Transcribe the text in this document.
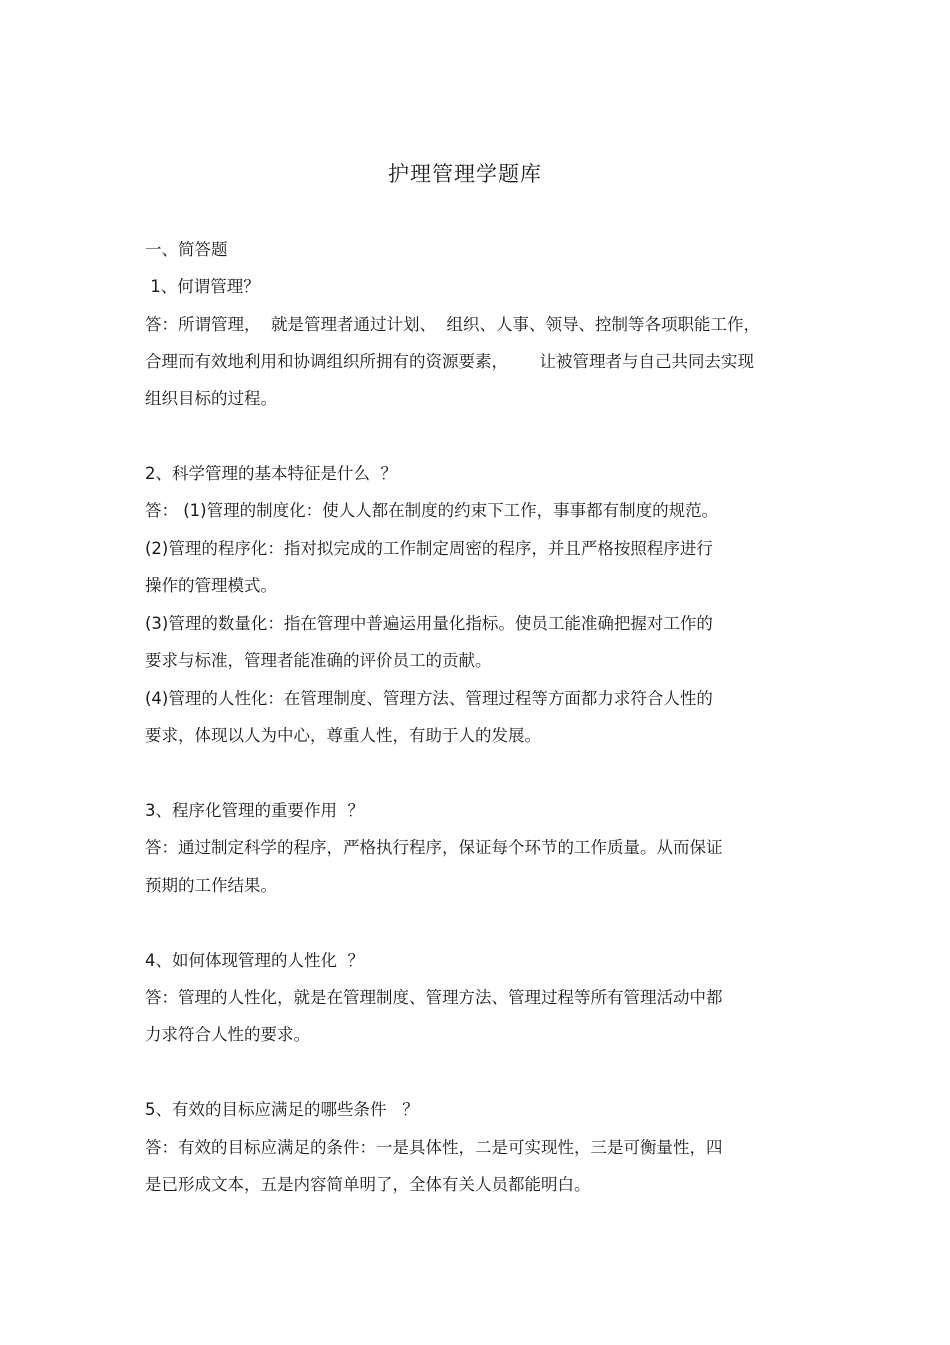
护理管理学题库
一、简答题
1、何谓管理？
答：所谓管理，  就是管理者通过计划、  组织、人事、领导、控制等各项职能工作，
合理而有效地利用和协调组织所拥有的资源要素，      让被管理者与自己共同去实现
组织目标的过程。
2、科学管理的基本特征是什么  ？
答： (1)管理的制度化：使人人都在制度的约束下工作，事事都有制度的规范。
(2)管理的程序化：指对拟完成的工作制定周密的程序，并且严格按照程序进行
操作的管理模式。
(3)管理的数量化：指在管理中普遍运用量化指标。使员工能准确把握对工作的
要求与标准，管理者能准确的评价员工的贡献。
(4)管理的人性化：在管理制度、管理方法、管理过程等方面都力求符合人性的
要求，体现以人为中心，尊重人性，有助于人的发展。
3、程序化管理的重要作用  ？
答：通过制定科学的程序，严格执行程序，保证每个环节的工作质量。从而保证
预期的工作结果。
4、如何体现管理的人性化  ？
答：管理的人性化，就是在管理制度、管理方法、管理过程等所有管理活动中都
力求符合人性的要求。
5、有效的目标应满足的哪些条件   ？
答：有效的目标应满足的条件：一是具体性，二是可实现性，三是可衡量性，四
是已形成文本，五是内容简单明了，全体有关人员都能明白。
